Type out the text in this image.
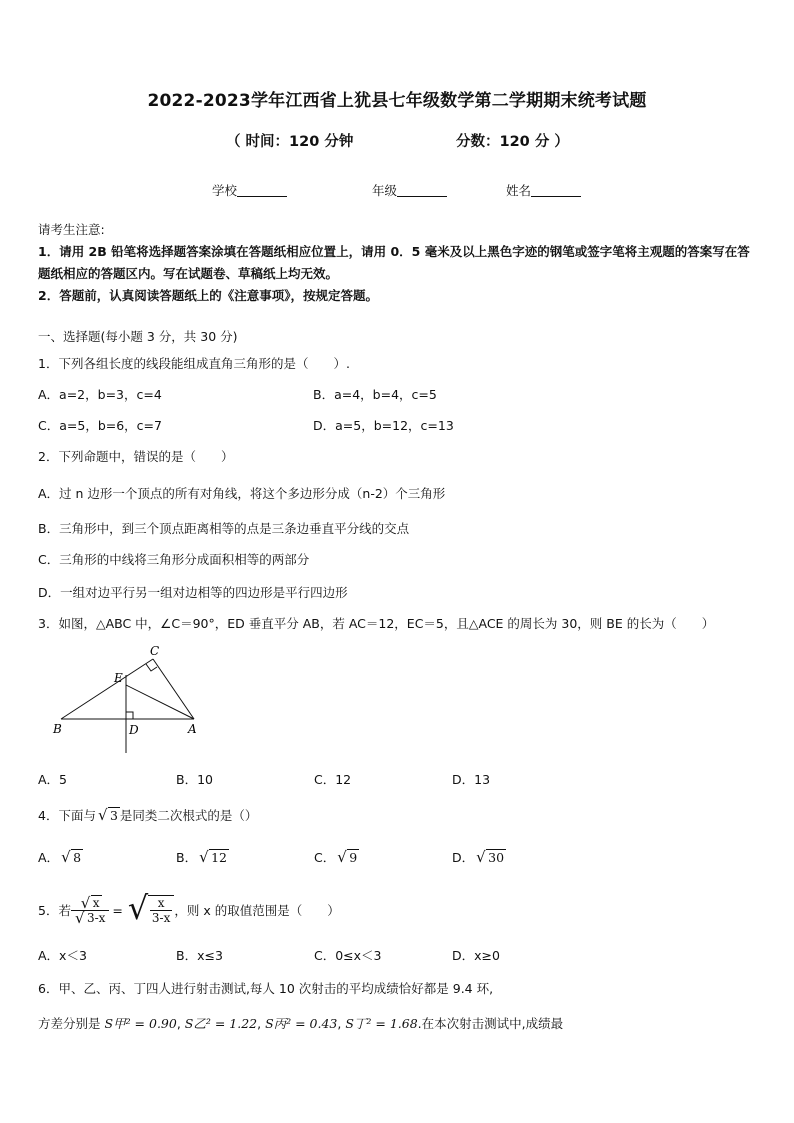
2022-2023学年江西省上犹县七年级数学第二学期期末统考试题
（ 时间：120 分钟	分数：120 分 ）
学校	年级	姓名
请考生注意:
1．请用 2B 铅笔将选择题答案涂填在答题纸相应位置上，请用 0．5 毫米及以上黑色字迹的钢笔或签字笔将主观题的答案写在答题纸相应的答题区内。写在试题卷、草稿纸上均无效。
2．答题前，认真阅读答题纸上的《注意事项》，按规定答题。
一、选择题(每小题 3 分，共 30 分)
1．下列各组长度的线段能组成直角三角形的是（　　）.
A．a=2，b=3，c=4	B．a=4，b=4，c=5
C．a=5，b=6，c=7	D．a=5，b=12，c=13
2．下列命题中，错误的是（　　）
A．过 n 边形一个顶点的所有对角线，将这个多边形分成（n-2）个三角形
B．三角形中，到三个顶点距离相等的点是三条边垂直平分线的交点
C．三角形的中线将三角形分成面积相等的两部分
D．一组对边平行另一组对边相等的四边形是平行四边形
3．如图，△ABC 中，∠C＝90°，ED 垂直平分 AB，若 AC＝12，EC＝5，且△ACE 的周长为 30，则 BE 的长为（　　）
B	A
C
E
D
A．5	B．10	C．12	D．13
4．下面与 √ 3 是同类二次根式的是（）
A． √ 8	B． √ 12	C． √ 9	D． √ 30
5．若 $\frac{√ x}{√ 3-x}$ = √ $\frac{x}{3-x}$ ，则 x 的取值范围是（　　）
A．x＜3	B．x≤3	C．0≤x＜3	D．x≥0
6．甲、乙、丙、丁四人进行射击测试,每人 10 次射击的平均成绩恰好都是 9.4 环,
方差分别是 S甲² = 0.90, S乙² = 1.22, S丙² = 0.43, S丁² = 1.68.在本次射击测试中,成绩最
